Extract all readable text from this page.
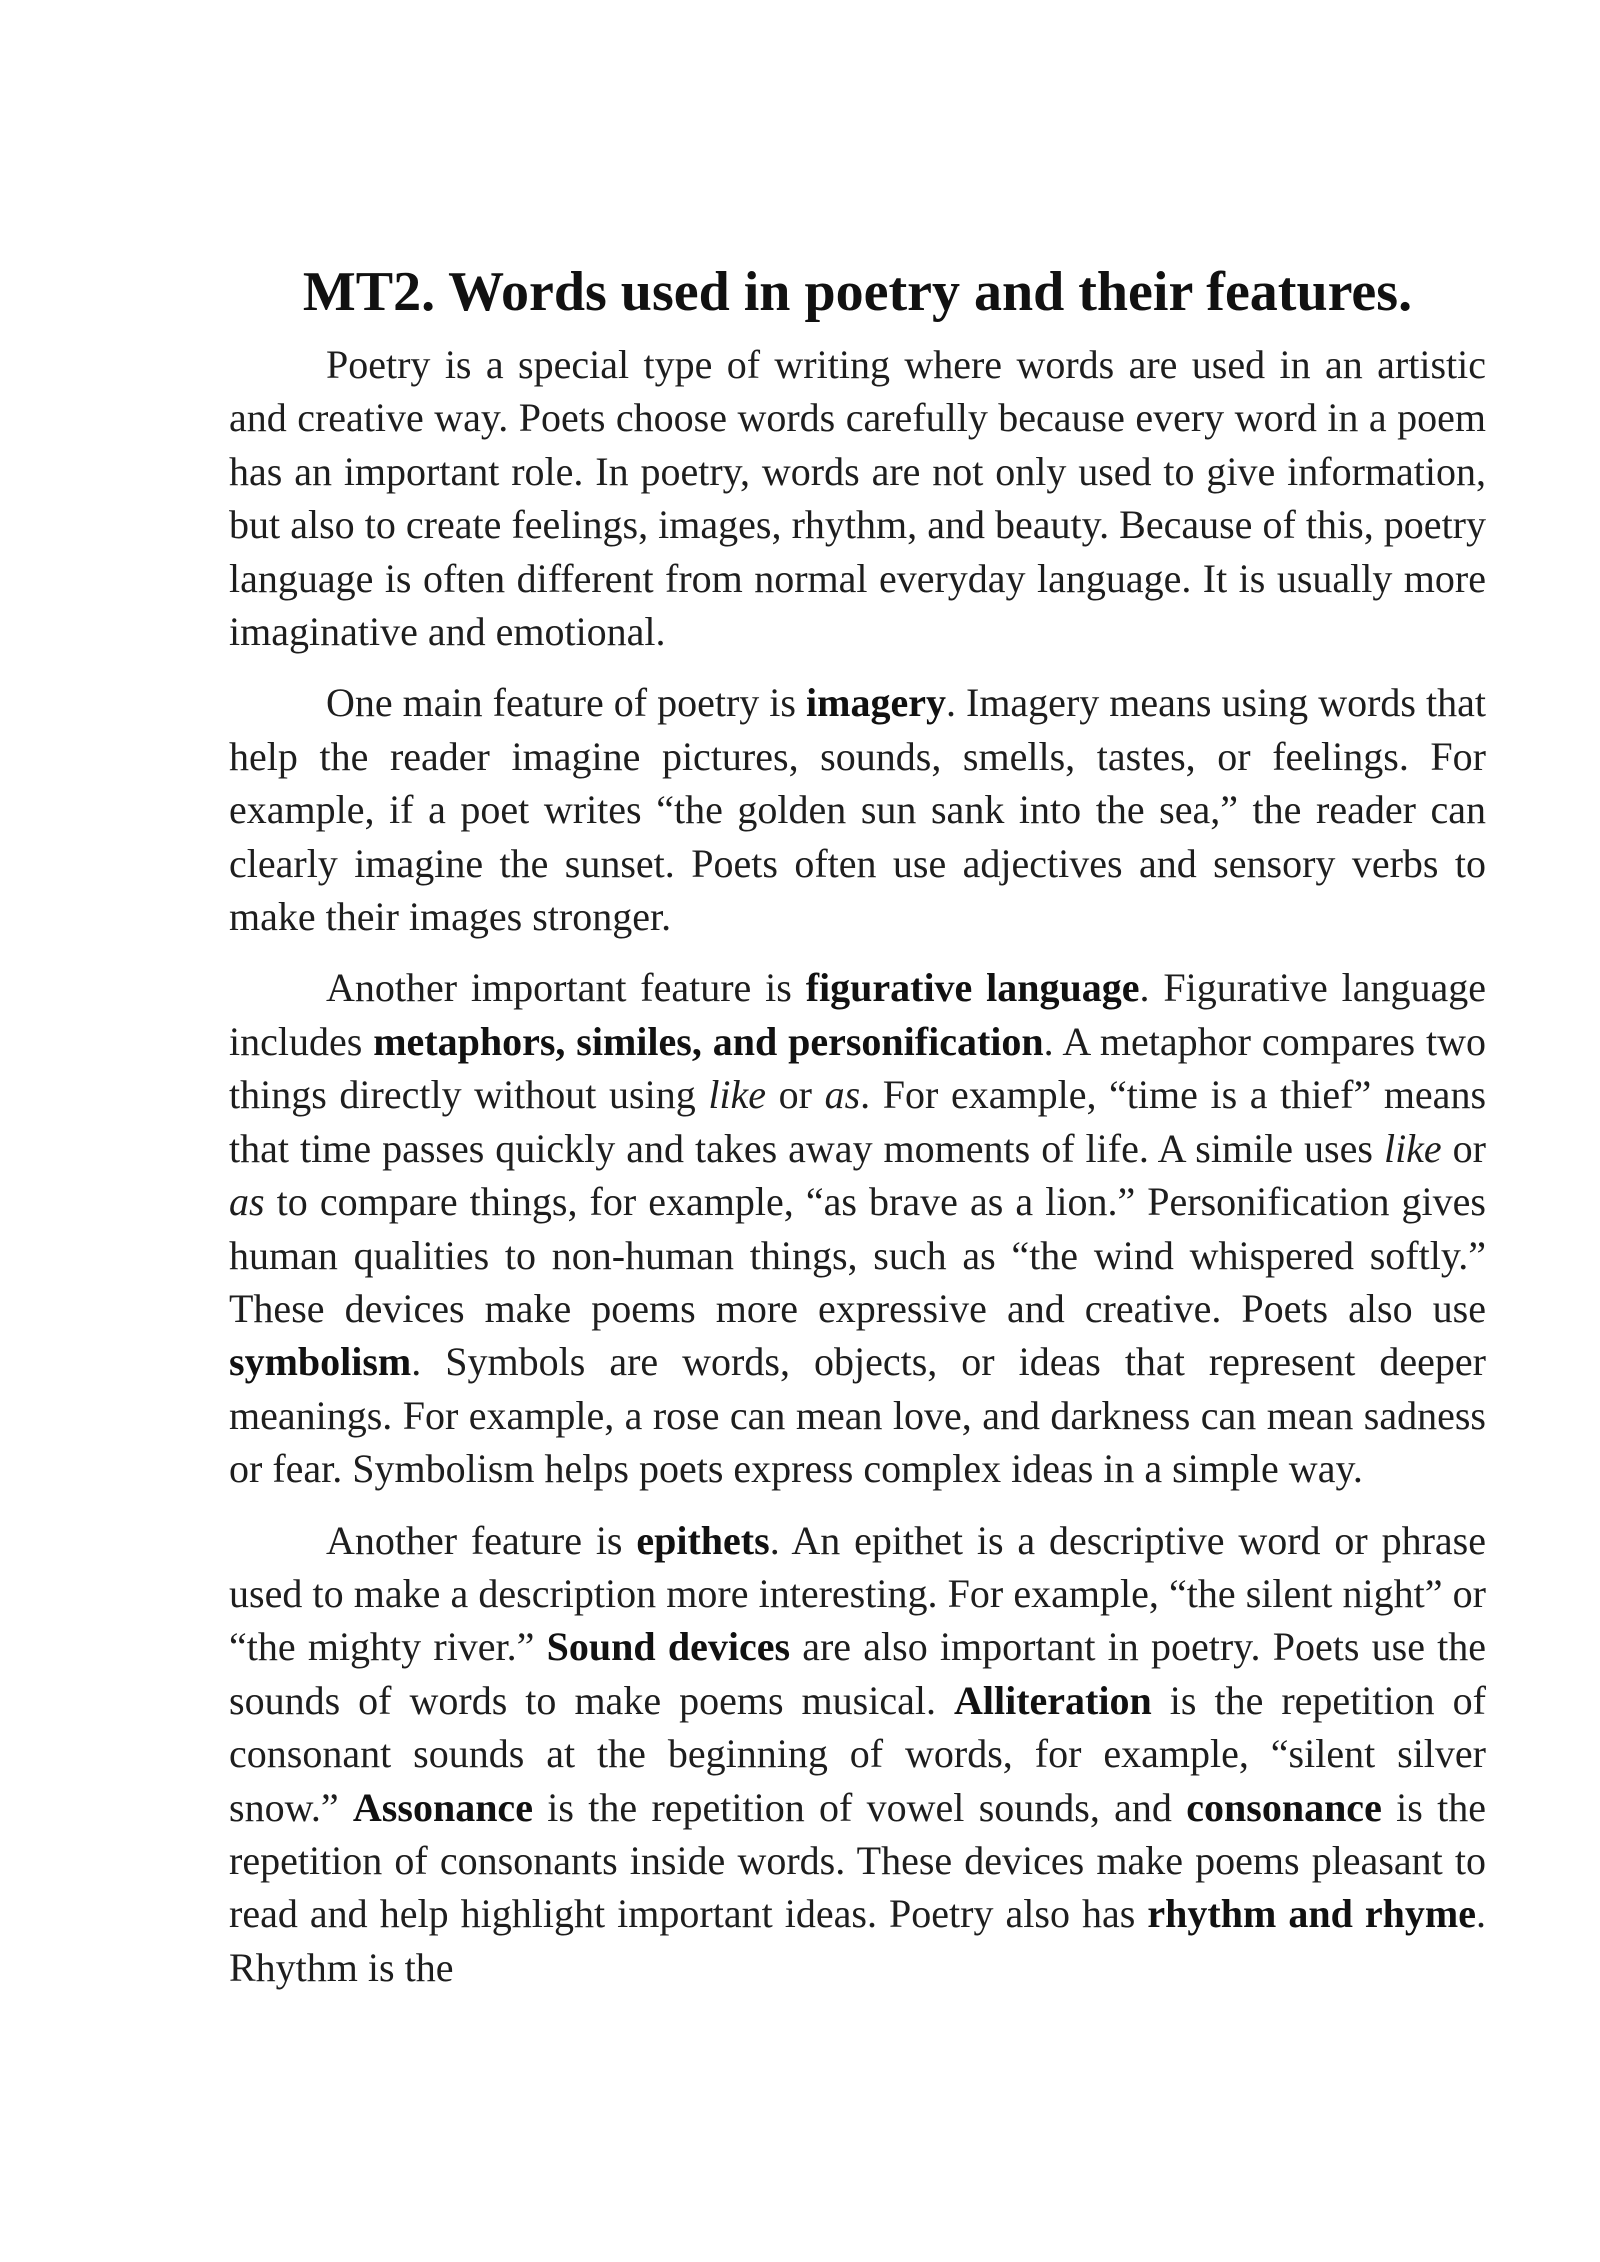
MT2. Words used in poetry and their features.

Poetry is a special type of writing where words are used in an artistic and creative way. Poets choose words carefully because every word in a poem has an important role. In poetry, words are not only used to give information, but also to create feelings, images, rhythm, and beauty. Because of this, poetry language is often different from normal everyday language. It is usually more imaginative and emotional.

One main feature of poetry is imagery. Imagery means using words that help the reader imagine pictures, sounds, smells, tastes, or feelings. For example, if a poet writes “the golden sun sank into the sea,” the reader can clearly imagine the sunset. Poets often use adjectives and sensory verbs to make their images stronger.

Another important feature is figurative language. Figurative language includes metaphors, similes, and personification. A metaphor compares two things directly without using like or as. For example, “time is a thief” means that time passes quickly and takes away moments of life. A simile uses like or as to compare things, for example, “as brave as a lion.” Personification gives human qualities to non-human things, such as “the wind whispered softly.” These devices make poems more expressive and creative. Poets also use symbolism. Symbols are words, objects, or ideas that represent deeper meanings. For example, a rose can mean love, and darkness can mean sadness or fear. Symbolism helps poets express complex ideas in a simple way.

Another feature is epithets. An epithet is a descriptive word or phrase used to make a description more interesting. For example, “the silent night” or “the mighty river.” Sound devices are also important in poetry. Poets use the sounds of words to make poems musical. Alliteration is the repetition of consonant sounds at the beginning of words, for example, “silent silver snow.” Assonance is the repetition of vowel sounds, and consonance is the repetition of consonants inside words. These devices make poems pleasant to read and help highlight important ideas. Poetry also has rhythm and rhyme. Rhythm is the
